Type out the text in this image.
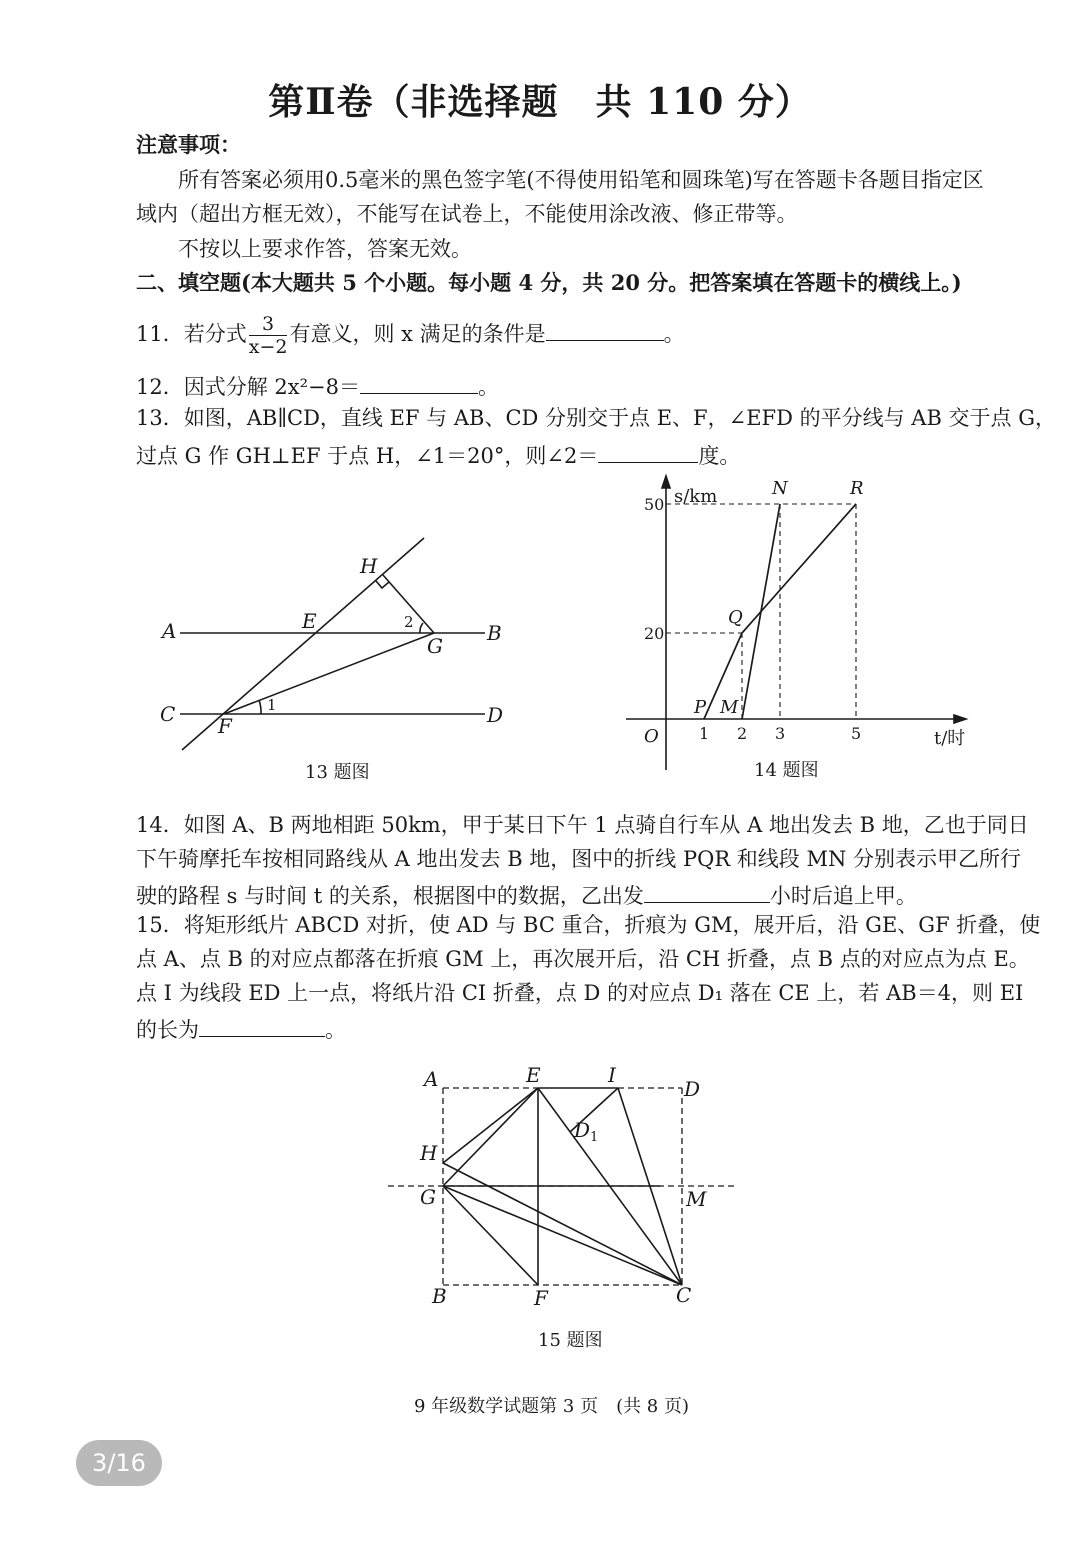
第Ⅱ卷（非选择题　共 110 分）
注意事项：
所有答案必须用0.5毫米的黑色签字笔(不得使用铅笔和圆珠笔)写在答题卡各题目指定区
域内（超出方框无效），不能写在试卷上，不能使用涂改液、修正带等。
不按以上要求作答，答案无效。
二、填空题(本大题共 5 个小题。每小题 4 分，共 20 分。把答案填在答题卡的横线上。)
11．若分式 $\frac{3}{x-2}$ 有意义，则 x 满足的条件是	。
12．因式分解 2x²−8＝	。
13．如图，AB∥CD，直线 EF 与 AB、CD 分别交于点 E、F，∠EFD 的平分线与 AB 交于点 G，
过点 G 作 GH⊥EF 于点 H，∠1＝20°，则∠2＝	度。
A	B
C	D
E
F
G
H
1
2
13 题图
50
20
1 2 3	5
P M
Q
N	R
s/km
t/时
O
14 题图
14．如图 A、B 两地相距 50km，甲于某日下午 1 点骑自行车从 A 地出发去 B 地，乙也于同日
下午骑摩托车按相同路线从 A 地出发去 B 地，图中的折线 PQR 和线段 MN 分别表示甲乙所行
驶的路程 s 与时间 t 的关系，根据图中的数据，乙出发	小时后追上甲。
15．将矩形纸片 ABCD 对折，使 AD 与 BC 重合，折痕为 GM，展开后，沿 GE、GF 折叠，使
点 A、点 B 的对应点都落在折痕 GM 上，再次展开后，沿 CH 折叠，点 B 点的对应点为点 E。
点 I 为线段 ED 上一点，将纸片沿 CI 折叠，点 D 的对应点 D₁ 落在 CE 上，若 AB＝4，则 EI
的长为	。
A	E	I
D
$D_1$
H
G	M
B	F	C
15 题图
9 年级数学试题第 3 页　(共 8 页)
3/16
